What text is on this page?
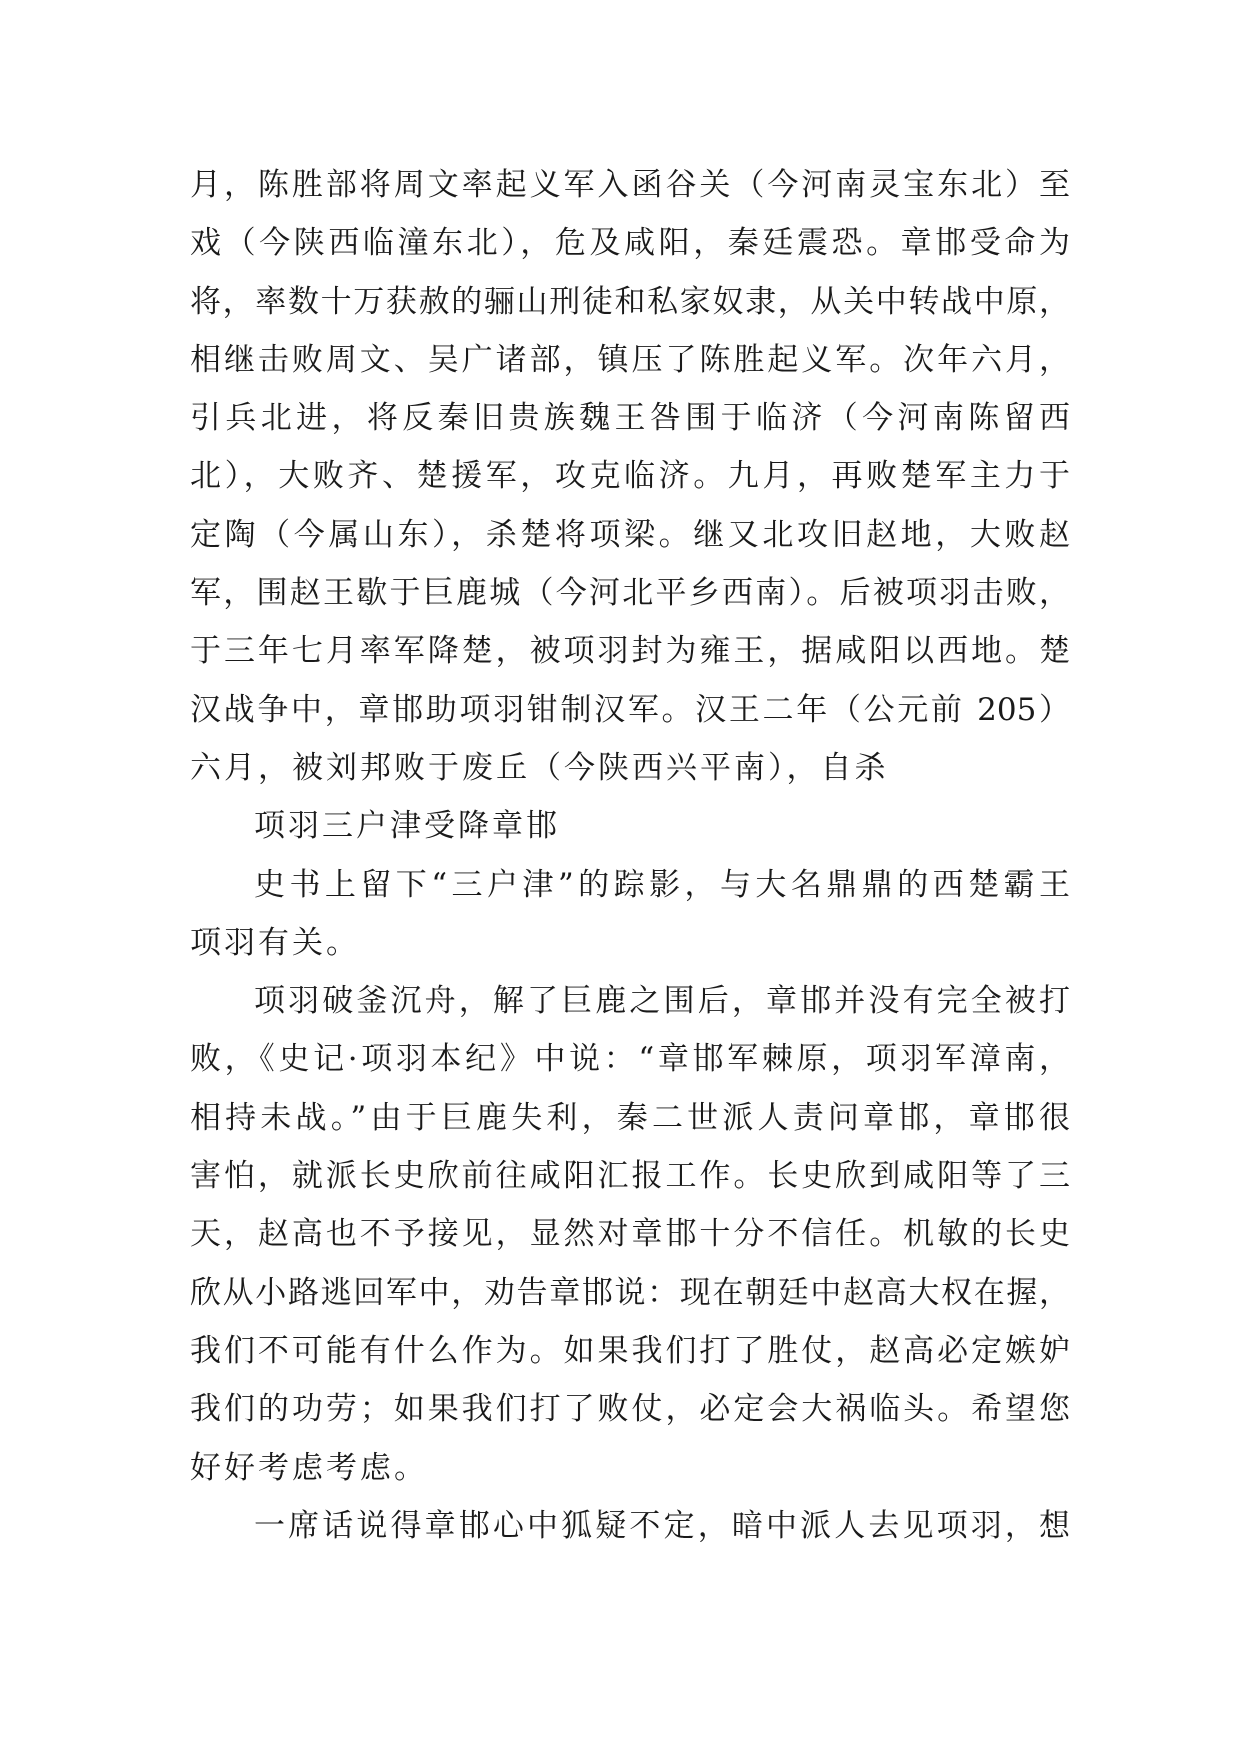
月，陈胜部将周文率起义军入函谷关（今河南灵宝东北）至
戏（今陕西临潼东北），危及咸阳，秦廷震恐。章邯受命为
将，率数十万获赦的骊山刑徒和私家奴隶，从关中转战中原，
相继击败周文、吴广诸部，镇压了陈胜起义军。次年六月，
引兵北进，将反秦旧贵族魏王咎围于临济（今河南陈留西
北），大败齐、楚援军，攻克临济。九月，再败楚军主力于
定陶（今属山东），杀楚将项梁。继又北攻旧赵地，大败赵
军，围赵王歇于巨鹿城（今河北平乡西南）。后被项羽击败，
于三年七月率军降楚，被项羽封为雍王，据咸阳以西地。楚
汉战争中，章邯助项羽钳制汉军。汉王二年（公元前 205）
六月，被刘邦败于废丘（今陕西兴平南），自杀
项羽三户津受降章邯
史书上留下“三户津”的踪影，与大名鼎鼎的西楚霸王
项羽有关。
项羽破釜沉舟，解了巨鹿之围后，章邯并没有完全被打
败，《史记·项羽本纪》中说：“章邯军棘原，项羽军漳南，
相持未战。”由于巨鹿失利，秦二世派人责问章邯，章邯很
害怕，就派长史欣前往咸阳汇报工作。长史欣到咸阳等了三
天，赵高也不予接见，显然对章邯十分不信任。机敏的长史
欣从小路逃回军中，劝告章邯说：现在朝廷中赵高大权在握，
我们不可能有什么作为。如果我们打了胜仗，赵高必定嫉妒
我们的功劳；如果我们打了败仗，必定会大祸临头。希望您
好好考虑考虑。
一席话说得章邯心中狐疑不定，暗中派人去见项羽，想
